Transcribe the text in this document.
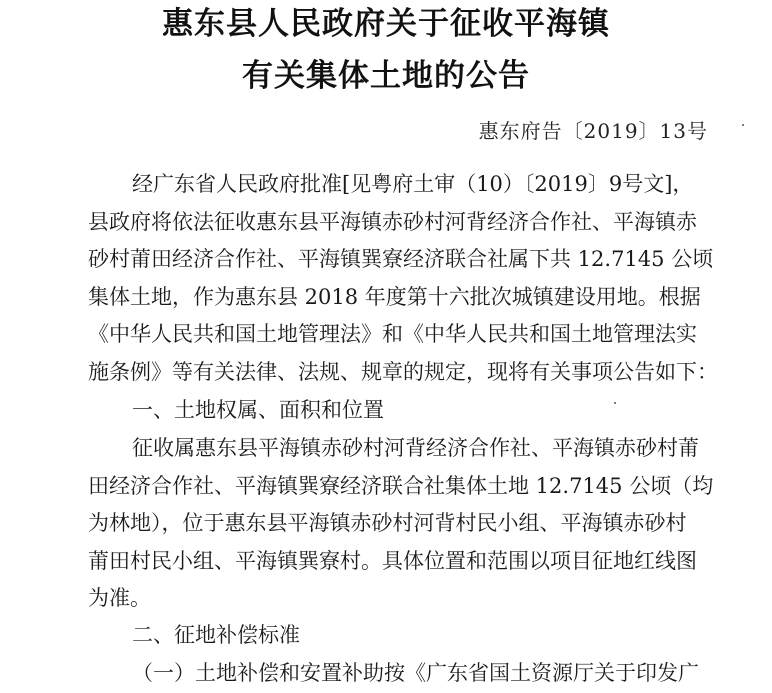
惠东县人民政府关于征收平海镇
有关集体土地的公告
惠东府告〔2019〕13号
经广东省人民政府批准[见粤府土审（10）〔2019〕9号文]，
县政府将依法征收惠东县平海镇赤砂村河背经济合作社、平海镇赤
砂村莆田经济合作社、平海镇巽寮经济联合社属下共 12.7145 公顷
集体土地，作为惠东县 2018 年度第十六批次城镇建设用地。根据
《中华人民共和国土地管理法》和《中华人民共和国土地管理法实
施条例》等有关法律、法规、规章的规定，现将有关事项公告如下：
一、土地权属、面积和位置
征收属惠东县平海镇赤砂村河背经济合作社、平海镇赤砂村莆
田经济合作社、平海镇巽寮经济联合社集体土地 12.7145 公顷（均
为林地），位于惠东县平海镇赤砂村河背村民小组、平海镇赤砂村
莆田村民小组、平海镇巽寮村。具体位置和范围以项目征地红线图
为准。
二、征地补偿标准
（一）土地补偿和安置补助按《广东省国土资源厅关于印发广
